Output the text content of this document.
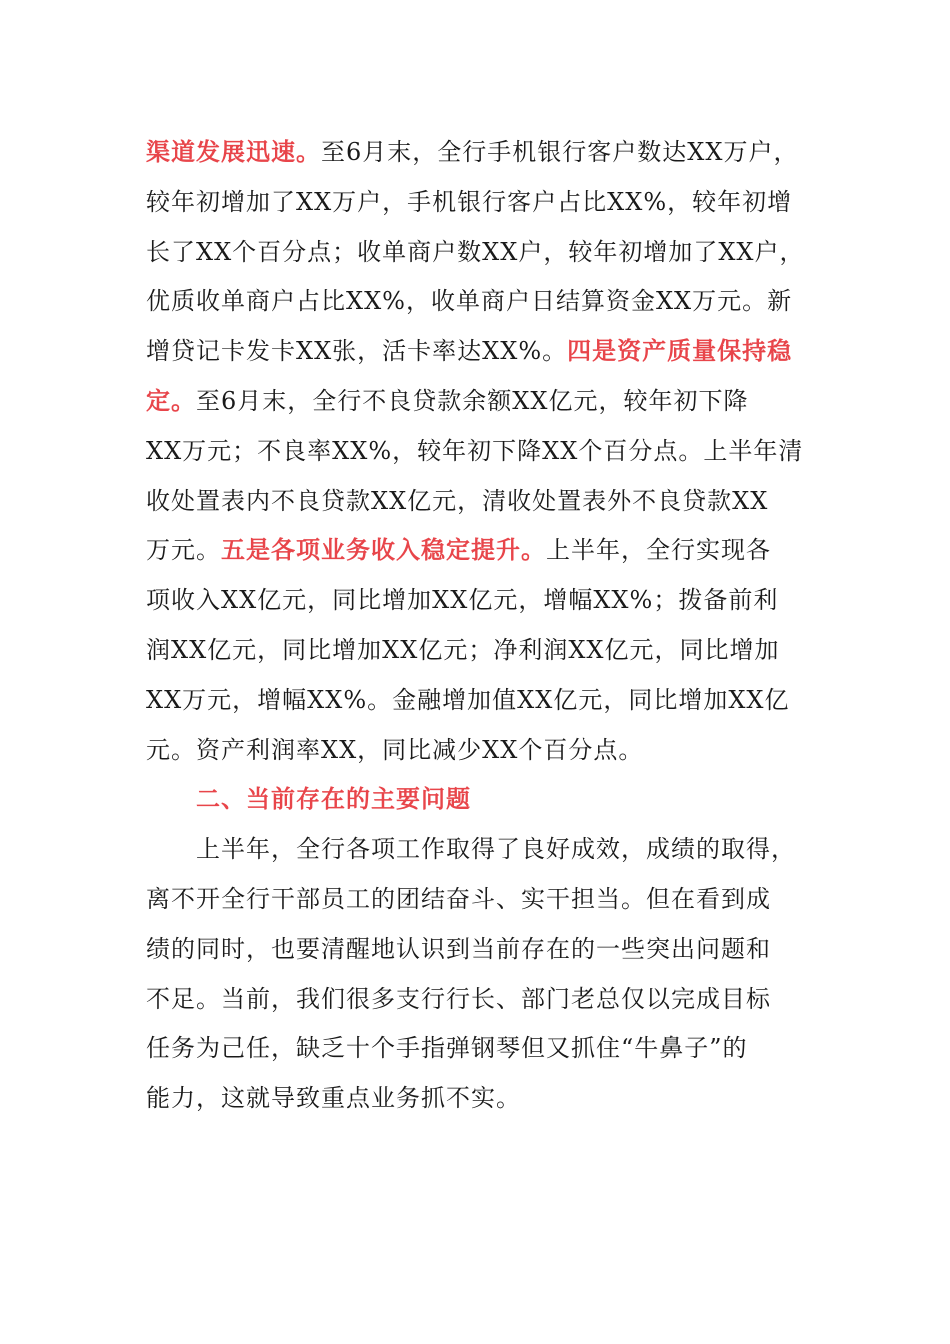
渠道发展迅速。至6月末，全行手机银行客户数达XX万户，
较年初增加了XX万户，手机银行客户占比XX%，较年初增
长了XX个百分点；收单商户数XX户，较年初增加了XX户，
优质收单商户占比XX%，收单商户日结算资金XX万元。新
增贷记卡发卡XX张，活卡率达XX%。四是资产质量保持稳
定。至6月末，全行不良贷款余额XX亿元，较年初下降
XX万元；不良率XX%，较年初下降XX个百分点。上半年清
收处置表内不良贷款XX亿元，清收处置表外不良贷款XX
万元。五是各项业务收入稳定提升。上半年，全行实现各
项收入XX亿元，同比增加XX亿元，增幅XX%；拨备前利
润XX亿元，同比增加XX亿元；净利润XX亿元，同比增加
XX万元，增幅XX%。金融增加值XX亿元，同比增加XX亿
元。资产利润率XX，同比减少XX个百分点。
二、当前存在的主要问题
上半年，全行各项工作取得了良好成效，成绩的取得，
离不开全行干部员工的团结奋斗、实干担当。但在看到成
绩的同时，也要清醒地认识到当前存在的一些突出问题和
不足。当前，我们很多支行行长、部门老总仅以完成目标
任务为己任，缺乏十个手指弹钢琴但又抓住“牛鼻子”的
能力，这就导致重点业务抓不实。
